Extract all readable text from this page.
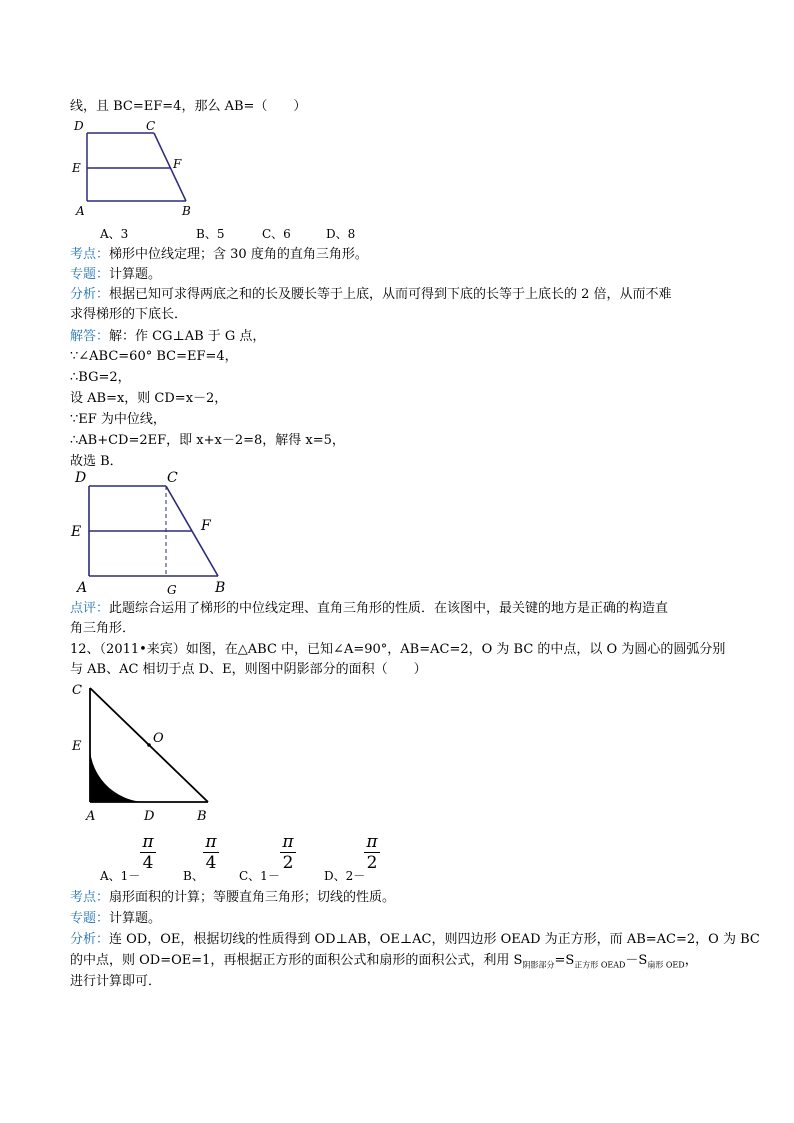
线，且 BC=EF=4，那么 AB=（　　）
D	C
E	F
A	B
A、3	B、5	C、6	D、8
考点：梯形中位线定理；含 30 度角的直角三角形。
专题：计算题。
分析：根据已知可求得两底之和的长及腰长等于上底，从而可得到下底的长等于上底长的 2 倍，从而不难
求得梯形的下底长．
解答：解：作 CG⊥AB 于 G 点，
∵∠ABC=60° BC=EF=4，
∴BG=2，
设 AB=x，则 CD=x－2，
∵EF 为中位线，
∴AB+CD=2EF，即 x+x－2=8，解得 x=5，
故选 B．
D	C
E	F
A	G	B
点评：此题综合运用了梯形的中位线定理、直角三角形的性质．在该图中，最关键的地方是正确的构造直
角三角形．
12、（2011•来宾）如图，在△ABC 中，已知∠A=90°，AB=AC=2，O 为 BC 的中点，以 O 为圆心的圆弧分别
与 AB、AC 相切于点 D、E，则图中阴影部分的面积（　　）
C
E
O
A	D	B
A、1－
π
4
B、
π
4
C、1－
π
2
D、2－
π
2
考点：扇形面积的计算；等腰直角三角形；切线的性质。
专题：计算题。
分析：连 OD，OE，根据切线的性质得到 OD⊥AB，OE⊥AC，则四边形 OEAD 为正方形，而 AB=AC=2，O 为 BC
的中点，则 OD=OE=1，再根据正方形的面积公式和扇形的面积公式，利用 $S_{阴影部分}=S_{正方形 OEAD}-S_{扇形 OED}$，
进行计算即可．
